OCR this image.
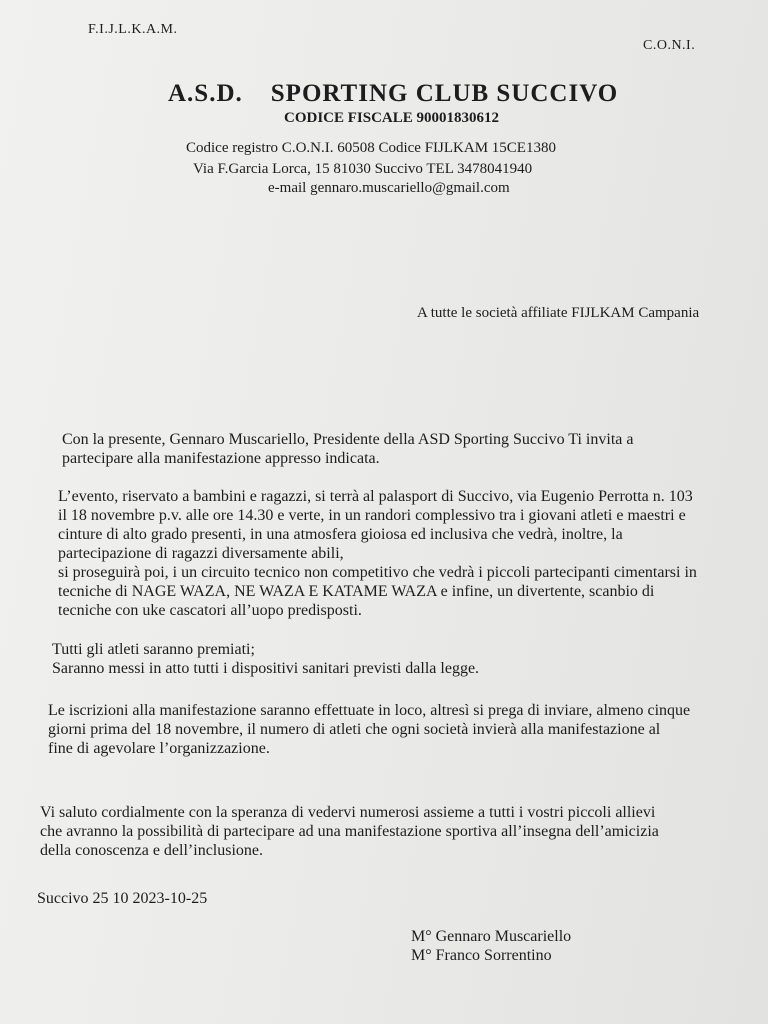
F.I.J.L.K.A.M.
C.O.N.I.
A.S.D. SPORTING CLUB SUCCIVO
CODICE FISCALE 90001830612
Codice registro C.O.N.I. 60508 Codice FIJLKAM 15CE1380
Via F.Garcia Lorca, 15 81030 Succivo TEL 3478041940
e-mail gennaro.muscariello@gmail.com
A tutte le società affiliate FIJLKAM Campania
Con la presente, Gennaro Muscariello, Presidente della ASD Sporting Succivo Ti invita a
partecipare alla manifestazione appresso indicata.
L’evento, riservato a bambini e ragazzi, si terrà al palasport di Succivo, via Eugenio Perrotta n. 103
il 18 novembre p.v. alle ore 14.30 e verte, in un randori complessivo tra i giovani atleti e maestri e
cinture di alto grado presenti, in una atmosfera gioiosa ed inclusiva che vedrà, inoltre, la
partecipazione di ragazzi diversamente abili,
si proseguirà poi, i un circuito tecnico non competitivo che vedrà i piccoli partecipanti cimentarsi in
tecniche di NAGE WAZA, NE WAZA E KATAME WAZA e infine, un divertente, scanbio di
tecniche con uke cascatori all’uopo predisposti.
Tutti gli atleti saranno premiati;
Saranno messi in atto tutti i dispositivi sanitari previsti dalla legge.
Le iscrizioni alla manifestazione saranno effettuate in loco, altresì si prega di inviare, almeno cinque
giorni prima del 18 novembre, il numero di atleti che ogni società invierà alla manifestazione al
fine di agevolare l’organizzazione.
Vi saluto cordialmente con la speranza di vedervi numerosi assieme a tutti i vostri piccoli allievi
che avranno la possibilità di partecipare ad una manifestazione sportiva all’insegna dell’amicizia
della conoscenza e dell’inclusione.
Succivo 25 10 2023-10-25
M° Gennaro Muscariello
M° Franco Sorrentino
